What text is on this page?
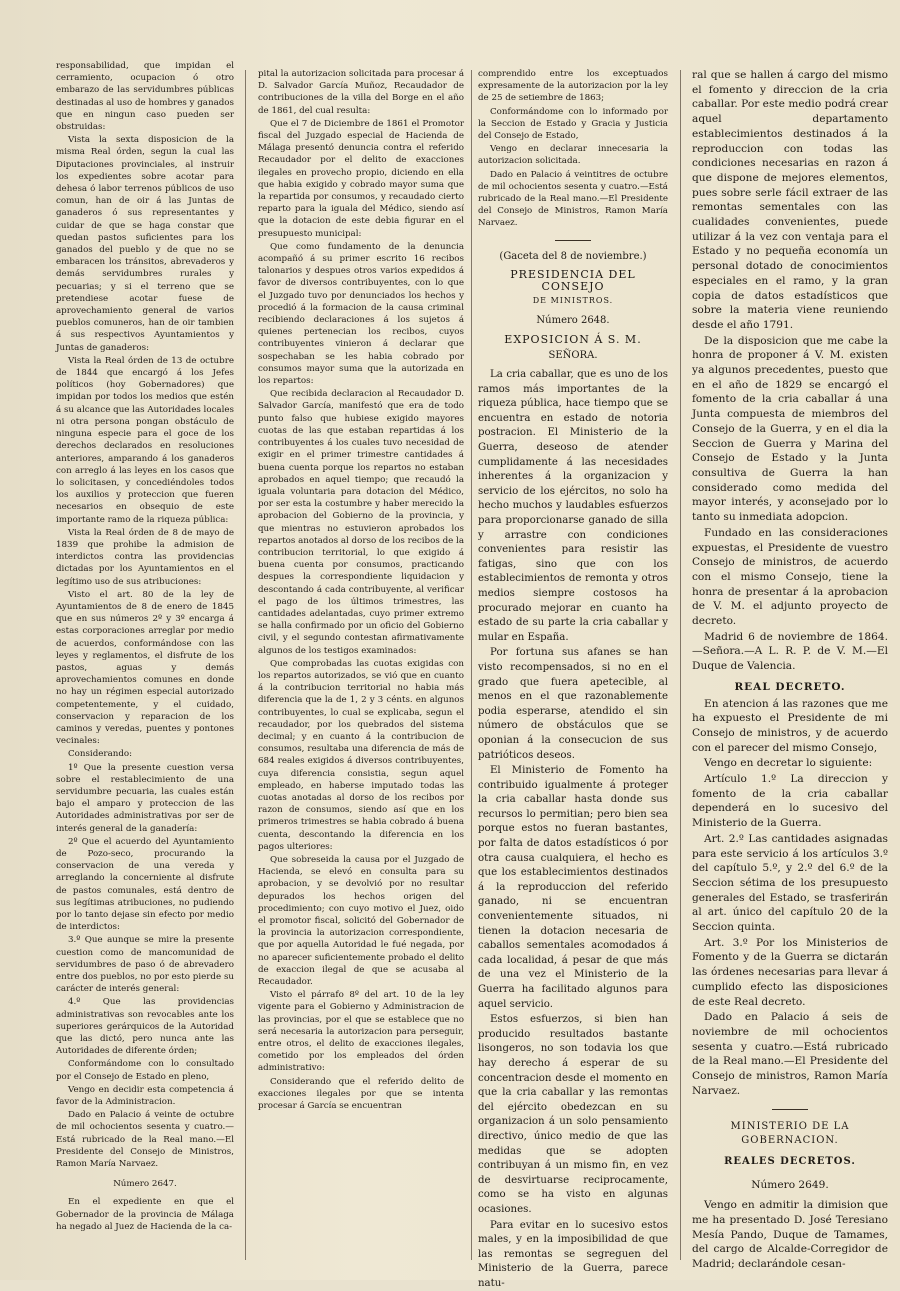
responsabilidad, que impidan el cerramiento, ocupacion ó otro embarazo de las servidumbres públicas destinadas al uso de hombres y ganados que en ningun caso pueden ser obstruidas:

Vista la sexta disposicion de la misma Real órden, segun la cual las Diputaciones provinciales, al instruir los expedientes sobre acotar para dehesa ó labor terrenos públicos de uso comun, han de oir á las Juntas de ganaderos ó sus representantes y cuidar de que se haga constar que quedan pastos suficientes para los ganados del pueblo y de que no se embaracen los tránsitos, abrevaderos y demás servidumbres rurales y pecuarias; y si el terreno que se pretendiese acotar fuese de aprovechamiento general de varios pueblos comuneros, han de oir tambien á sus respectivos Ayuntamientos y Juntas de ganaderos:

Vista la Real órden de 13 de octubre de 1844 que encargó á los Jefes políticos (hoy Gobernadores) que impidan por todos los medios que estén á su alcance que las Autoridades locales ni otra persona pongan obstáculo de ninguna especie para el goce de los derechos declarados en resoluciones anteriores, amparando á los ganaderos con arreglo á las leyes en los casos que lo solicitasen, y concediéndoles todos los auxilios y proteccion que fueren necesarios en obsequio de este importante ramo de la riqueza pública:

Vista la Real órden de 8 de mayo de 1839 que prohibe la admision de interdictos contra las providencias dictadas por los Ayuntamientos en el legítimo uso de sus atribuciones:

Visto el art. 80 de la ley de Ayuntamientos de 8 de enero de 1845 que en sus números 2º y 3º encarga á estas corporaciones arreglar por medio de acuerdos, conformándose con las leyes y reglamentos, el disfrute de los pastos, aguas y demás aprovechamientos comunes en donde no hay un régimen especial autorizado competentemente, y el cuidado, conservacion y reparacion de los caminos y veredas, puentes y pontones vecinales:

Considerando:

1º Que la presente cuestion versa sobre el restablecimiento de una servidumbre pecuaria, las cuales están bajo el amparo y proteccion de las Autoridades administrativas por ser de interés general de la ganadería:

2º Que el acuerdo del Ayuntamiento de Pozo-seco, procurando la conservacion de una vereda y arreglando la concerniente al disfrute de pastos comunales, está dentro de sus legítimas atribuciones, no pudiendo por lo tanto dejase sin efecto por medio de interdictos:

3.º Que aunque se mire la presente cuestion como de mancomunidad de servidumbres de paso ó de abrevadero entre dos pueblos, no por esto pierde su carácter de interés general:

4.º Que las providencias administrativas son revocables ante los superiores gerárquicos de la Autoridad que las dictó, pero nunca ante las Autoridades de diferente órden;

Conformándome con lo consultado por el Consejo de Estado en pleno,

Vengo en decidir esta competencia á favor de la Administracion.

Dado en Palacio á veinte de octubre de mil ochocientos sesenta y cuatro.—Está rubricado de la Real mano.—El Presidente del Consejo de Ministros, Ramon María Narvaez.

Número 2647.

En el expediente en que el Gobernador de la provincia de Málaga ha negado al Juez de Hacienda de la ca-

pital la autorizacion solicitada para procesar á D. Salvador García Muñoz, Recaudador de contribuciones de la villa del Borge en el año de 1861, del cual resulta:

Que el 7 de Diciembre de 1861 el Promotor fiscal del Juzgado especial de Hacienda de Málaga presentó denuncia contra el referido Recaudador por el delito de exacciones ilegales en provecho propio, diciendo en ella que habia exigido y cobrado mayor suma que la repartida por consumos, y recaudado cierto reparto para la iguala del Médico, siendo así que la dotacion de este debia figurar en el presupuesto municipal:

Que como fundamento de la denuncia acompañó á su primer escrito 16 recibos talonarios y despues otros varios expedidos á favor de diversos contribuyentes, con lo que el Juzgado tuvo por denunciados los hechos y procedió á la formacion de la causa criminal recibiendo declaraciones á los sujetos á quienes pertenecian los recibos, cuyos contribuyentes vinieron á declarar que sospechaban se les habia cobrado por consumos mayor suma que la autorizada en los repartos:

Que recibida declaracion al Recaudador D. Salvador García, manifestó que era de todo punto falso que hubiese exigido mayores cuotas de las que estaban repartidas á los contribuyentes á los cuales tuvo necesidad de exigir en el primer trimestre cantidades á buena cuenta porque los repartos no estaban aprobados en aquel tiempo; que recaudó la iguala voluntaria para dotacion del Médico, por ser esta la costumbre y haber merecido la aprobacion del Gobierno de la provincia, y que mientras no estuvieron aprobados los repartos anotados al dorso de los recibos de la contribucion territorial, lo que exigido á buena cuenta por consumos, practicando despues la correspondiente liquidacion y descontando á cada contribuyente, al verificar el pago de los últimos trimestres, las cantidades adelantadas, cuyo primer extremo se halla confirmado por un oficio del Gobierno civil, y el segundo contestan afirmativamente algunos de los testigos examinados:

Que comprobadas las cuotas exigidas con los repartos autorizados, se vió que en cuanto á la contribucion territorial no habia más diferencia que la de 1, 2 y 3 cénts. en algunos contribuyentes, lo cual se explicaba, segun el recaudador, por los quebrados del sistema decimal; y en cuanto á la contribucion de consumos, resultaba una diferencia de más de 684 reales exigidos á diversos contribuyentes, cuya diferencia consistia, segun aquel empleado, en haberse imputado todas las cuotas anotadas al dorso de los recibos por razon de consumos, siendo así que en los primeros trimestres se habia cobrado á buena cuenta, descontando la diferencia en los pagos ulteriores:

Que sobreseida la causa por el Juzgado de Hacienda, se elevó en consulta para su aprobacion, y se devolvió por no resultar depurados los hechos origen del procedimiento; con cuyo motivo el Juez, oido el promotor fiscal, solicitó del Gobernador de la provincia la autorizacion correspondiente, que por aquella Autoridad le fué negada, por no aparecer suficientemente probado el delito de exaccion ilegal de que se acusaba al Recaudador.

Visto el párrafo 8º del art. 10 de la ley vigente para el Gobierno y Administracion de las provincias, por el que se establece que no será necesaria la autorizacion para perseguir, entre otros, el delito de exacciones ilegales, cometido por los empleados del órden administrativo:

Considerando que el referido delito de exacciones ilegales por que se intenta procesar á García se encuentran

comprendido entre los exceptuados expresamente de la autorizacion por la ley de 25 de setiembre de 1863;

Conformándome con lo informado por la Seccion de Estado y Gracia y Justicia del Consejo de Estado,

Vengo en declarar innecesaria la autorizacion solicitada.

Dado en Palacio á veintitres de octubre de mil ochocientos sesenta y cuatro.—Está rubricado de la Real mano.—El Presidente del Consejo de Ministros, Ramon María Narvaez.

(Gaceta del 8 de noviembre.)

PRESIDENCIA DEL CONSEJO

DE MINISTROS.

Número 2648.

EXPOSICION Á S. M.

SEÑORA.

La cria caballar, que es uno de los ramos más importantes de la riqueza pública, hace tiempo que se encuentra en estado de notoria postracion. El Ministerio de la Guerra, deseoso de atender cumplidamente á las necesidades inherentes á la organizacion y servicio de los ejércitos, no solo ha hecho muchos y laudables esfuerzos para proporcionarse ganado de silla y arrastre con condiciones convenientes para resistir las fatigas, sino que con los establecimientos de remonta y otros medios siempre costosos ha procurado mejorar en cuanto ha estado de su parte la cria caballar y mular en España.

Por fortuna sus afanes se han visto recompensados, si no en el grado que fuera apetecible, al menos en el que razonablemente podia esperarse, atendido el sin número de obstáculos que se oponian á la consecucion de sus patrióticos deseos.

El Ministerio de Fomento ha contribuido igualmente á proteger la cria caballar hasta donde sus recursos lo permitian; pero bien sea porque estos no fueran bastantes, por falta de datos estadísticos ó por otra causa cualquiera, el hecho es que los establecimientos destinados á la reproduccion del referido ganado, ni se encuentran convenientemente situados, ni tienen la dotacion necesaria de caballos sementales acomodados á cada localidad, á pesar de que más de una vez el Ministerio de la Guerra ha facilitado algunos para aquel servicio.

Estos esfuerzos, si bien han producido resultados bastante lisongeros, no son todavia los que hay derecho á esperar de su concentracion desde el momento en que la cria caballar y las remontas del ejército obedezcan en su organizacion á un solo pensamiento directivo, único medio de que las medidas que se adopten contribuyan á un mismo fin, en vez de desvirtuarse reciprocamente, como se ha visto en algunas ocasiones.

Para evitar en lo sucesivo estos males, y en la imposibilidad de que las remontas se segreguen del Ministerio de la Guerra, parece natu-

ral que se hallen á cargo del mismo el fomento y direccion de la cria caballar. Por este medio podrá crear aquel departamento establecimientos destinados á la reproduccion con todas las condiciones necesarias en razon á que dispone de mejores elementos, pues sobre serle fácil extraer de las remontas sementales con las cualidades convenientes, puede utilizar á la vez con ventaja para el Estado y no pequeña economía un personal dotado de conocimientos especiales en el ramo, y la gran copia de datos estadísticos que sobre la materia viene reuniendo desde el año 1791.

De la disposicion que me cabe la honra de proponer á V. M. existen ya algunos precedentes, puesto que en el año de 1829 se encargó el fomento de la cria caballar á una Junta compuesta de miembros del Consejo de la Guerra, y en el dia la Seccion de Guerra y Marina del Consejo de Estado y la Junta consultiva de Guerra la han considerado como medida del mayor interés, y aconsejado por lo tanto su inmediata adopcion.

Fundado en las consideraciones expuestas, el Presidente de vuestro Consejo de ministros, de acuerdo con el mismo Consejo, tiene la honra de presentar á la aprobacion de V. M. el adjunto proyecto de decreto.

Madrid 6 de noviembre de 1864.—Señora.—A L. R. P. de V. M.—El Duque de Valencia.

REAL DECRETO.

En atencion á las razones que me ha expuesto el Presidente de mi Consejo de ministros, y de acuerdo con el parecer del mismo Consejo,

Vengo en decretar lo siguiente:

Artículo 1.º La direccion y fomento de la cria caballar dependerá en lo sucesivo del Ministerio de la Guerra.

Art. 2.º Las cantidades asignadas para este servicio á los artículos 3.º del capítulo 5.º, y 2.º del 6.º de la Seccion sétima de los presupuesto generales del Estado, se trasferirán al art. único del capítulo 20 de la Seccion quinta.

Art. 3.º Por los Ministerios de Fomento y de la Guerra se dictarán las órdenes necesarias para llevar á cumplido efecto las disposiciones de este Real decreto.

Dado en Palacio á seis de noviembre de mil ochocientos sesenta y cuatro.—Está rubricado de la Real mano.—El Presidente del Consejo de ministros, Ramon María Narvaez.

MINISTERIO DE LA GOBERNACION.

REALES DECRETOS.

Número 2649.

Vengo en admitir la dimision que me ha presentado D. José Teresiano Mesía Pando, Duque de Tamames, del cargo de Alcalde-Corregidor de Madrid; declarándole cesan-
